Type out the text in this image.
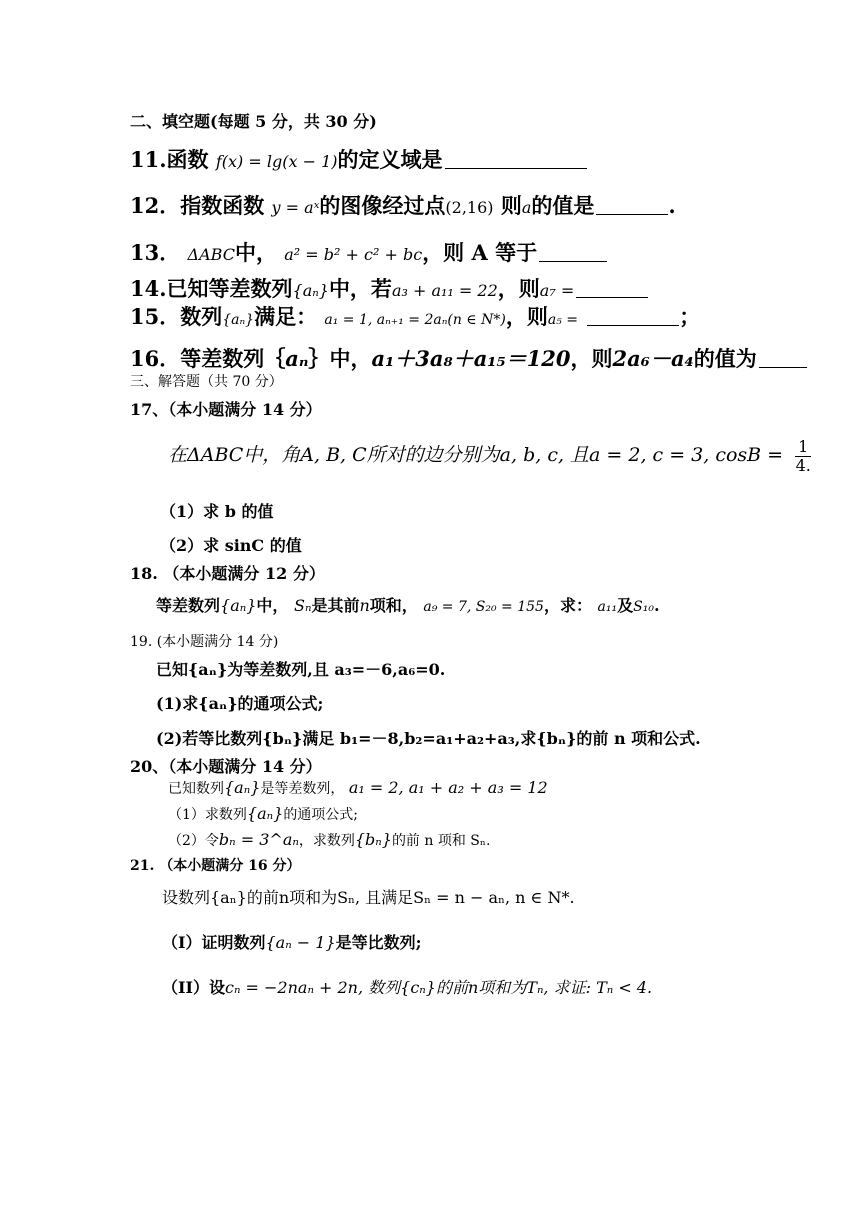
二、填空题(每题 5 分，共 30 分)
11.函数 f(x) = lg(x − 1)的定义域是
12．指数函数 y = aˣ的图像经过点(2,16) 则a的值是	.
13． ΔABC中， a² = b² + c² + bc，则 A 等于
14.已知等差数列{aₙ}中，若a₃ + a₁₁ = 22，则a₇ =
15．数列{aₙ}满足： a₁ = 1, aₙ₊₁ = 2aₙ(n ∈ N*)，则a₅ =	；
16．等差数列｛aₙ｝中，a₁＋3a₈＋a₁₅＝120，则2a₆－a₄的值为
三、解答题（共 70 分）
17、（本小题满分 14 分）
在ΔABC中，角A, B, C所对的边分别为a, b, c, 且a = 2, c = 3, $\cos B = \frac{1}{4.}$
（1）求 b 的值
（2）求 sinC 的值
18. （本小题满分 12 分）
等差数列{aₙ}中， Sₙ是其前n项和， a₉ = 7, S₂₀ = 155，求： a₁₁及S₁₀.
19. (本小题满分 14 分)
已知{aₙ}为等差数列,且 a₃=－6,a₆=0.
(1)求{aₙ}的通项公式;
(2)若等比数列{bₙ}满足 b₁=－8,b₂=a₁+a₂+a₃,求{bₙ}的前 n 项和公式.
20、（本小题满分 14 分）
已知数列{aₙ}是等差数列， a₁ = 2, a₁ + a₂ + a₃ = 12
（1）求数列{aₙ}的通项公式;
（2）令bₙ = 3^aₙ，求数列{bₙ}的前 n 项和 Sₙ.
21. （本小题满分 16 分）
设数列{aₙ}的前n项和为Sₙ, 且满足Sₙ = n − aₙ, n ∈ N*.
（I）证明数列{aₙ − 1}是等比数列;
（II）设cₙ = −2naₙ + 2n, 数列{cₙ}的前n项和为Tₙ, 求证: Tₙ < 4.
